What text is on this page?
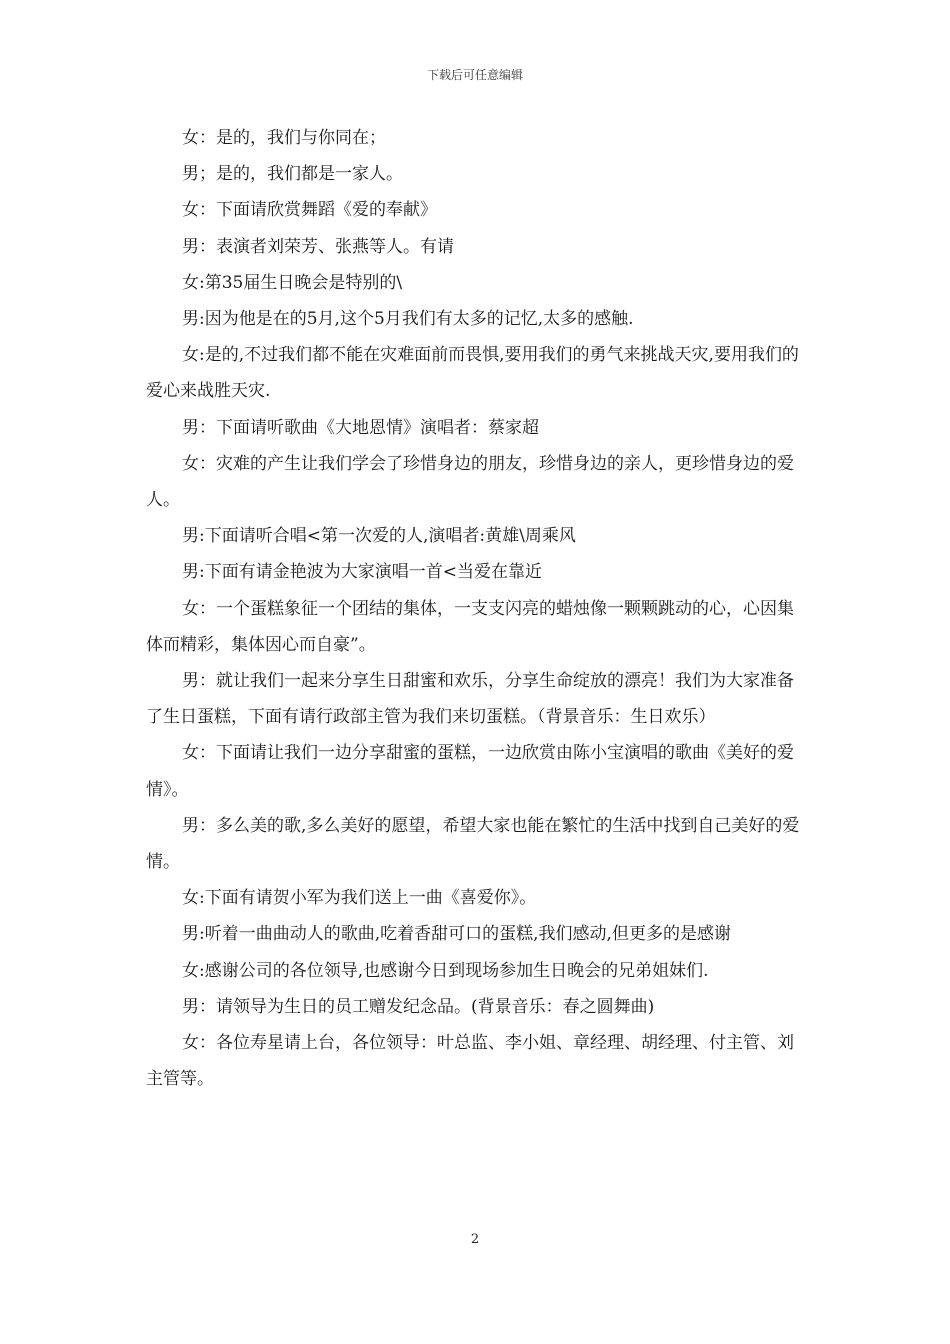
下载后可任意编辑

女：是的，我们与你同在；

男；是的，我们都是一家人。

女：下面请欣赏舞蹈《爱的奉献》

男：表演者刘荣芳、张燕等人。有请

女:第35届生日晚会是特别的\

男:因为他是在的5月,这个5月我们有太多的记忆,太多的感触.

女:是的,不过我们都不能在灾难面前而畏惧,要用我们的勇气来挑战天灾,要用我们的爱心来战胜天灾.

男：下面请听歌曲《大地恩情》演唱者：蔡家超

女：灾难的产生让我们学会了珍惜身边的朋友，珍惜身边的亲人，更珍惜身边的爱人。

男:下面请听合唱<第一次爱的人,演唱者:黄雄\周乘风

男:下面有请金艳波为大家演唱一首<当爱在靠近

女：一个蛋糕象征一个团结的集体，一支支闪亮的蜡烛像一颗颗跳动的心，心因集体而精彩，集体因心而自豪”。

男：就让我们一起来分享生日甜蜜和欢乐，分享生命绽放的漂亮！我们为大家准备了生日蛋糕，下面有请行政部主管为我们来切蛋糕。（背景音乐：生日欢乐）

女：下面请让我们一边分享甜蜜的蛋糕，一边欣赏由陈小宝演唱的歌曲《美好的爱情》。

男：多么美的歌,多么美好的愿望，希望大家也能在繁忙的生活中找到自己美好的爱情。

女:下面有请贺小军为我们送上一曲《喜爱你》。

男:听着一曲曲动人的歌曲,吃着香甜可口的蛋糕,我们感动,但更多的是感谢

女:感谢公司的各位领导,也感谢今日到现场参加生日晚会的兄弟姐妹们.

男：请领导为生日的员工赠发纪念品。(背景音乐：春之圆舞曲)

女：各位寿星请上台，各位领导：叶总监、李小姐、章经理、胡经理、付主管、刘主管等。

2
